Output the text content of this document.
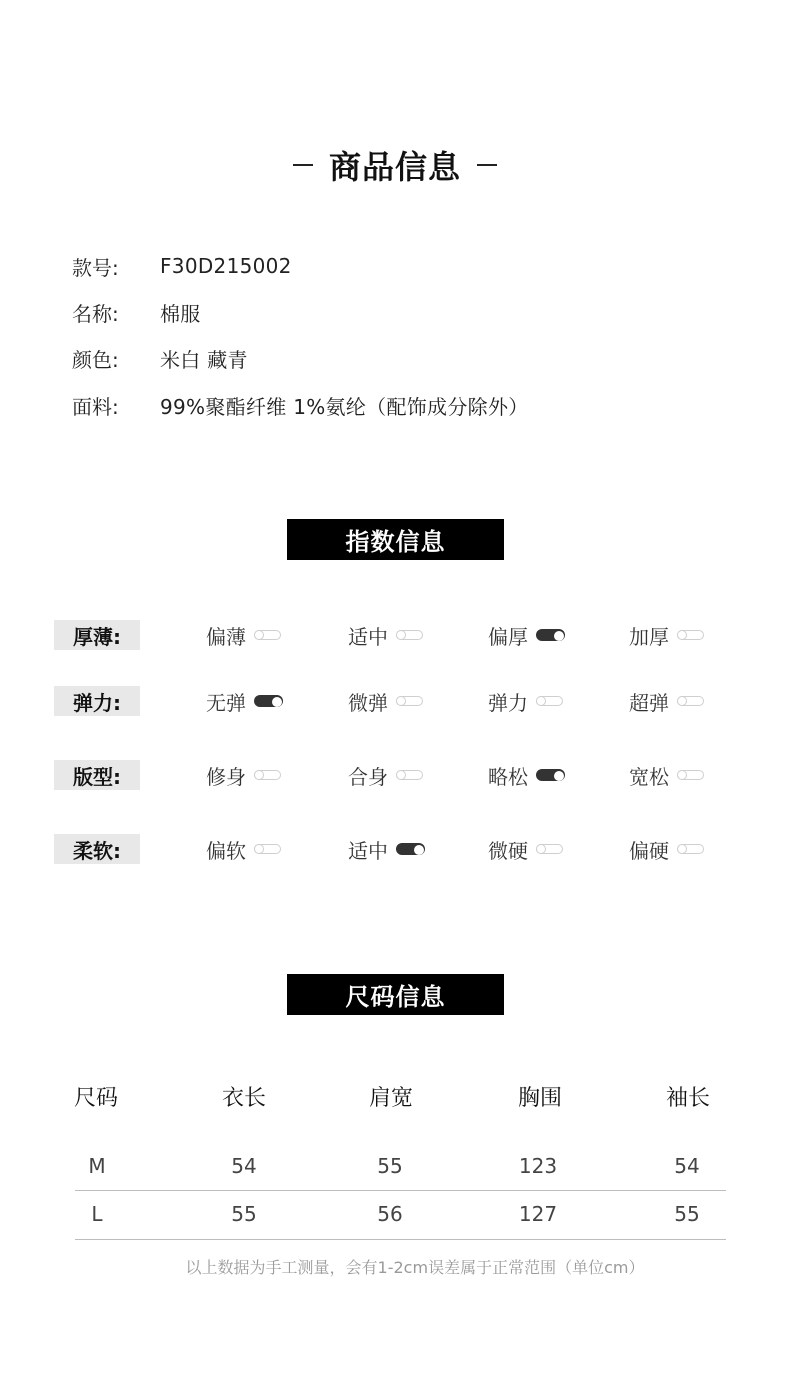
商品信息
款号:	F30D215002
名称:	棉服
颜色:	米白 藏青
面料:	99%聚酯纤维 1%氨纶（配饰成分除外）
指数信息
厚薄:	偏薄	适中	偏厚	加厚
弹力:	无弹	微弹	弹力	超弹
版型:	修身	合身	略松	宽松
柔软:	偏软	适中	微硬	偏硬
尺码信息
尺码	衣长	肩宽	胸围	袖长
M	54	55	123	54
L	55	56	127	55
以上数据为手工测量，会有1-2cm误差属于正常范围（单位cm）
